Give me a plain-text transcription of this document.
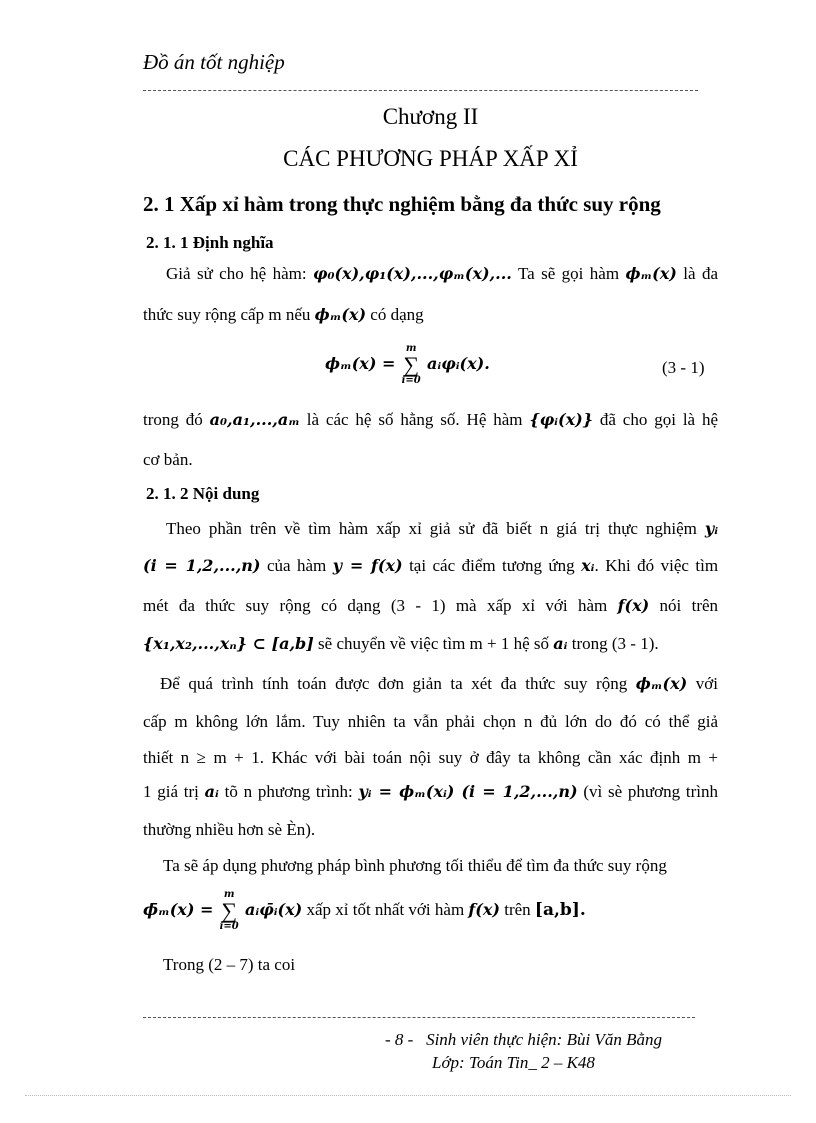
Đồ án tốt nghiệp
Chương II
CÁC PHƯƠNG PHÁP XẤP XỈ
2. 1 Xấp xỉ hàm trong thực nghiệm bằng đa thức suy rộng
2. 1. 1 Định nghĩa
Giả sử cho hệ hàm: φ₀(x),φ₁(x),...,φₘ(x),... Ta sẽ gọi hàm ϕₘ(x) là đa
thức suy rộng cấp m nếu ϕₘ(x) có dạng
ϕₘ(x) =
m
∑
i=0
aᵢφᵢ(x).	(3 - 1)
trong đó a₀,a₁,...,aₘ là các hệ số hằng số. Hệ hàm {φᵢ(x)} đã cho gọi là hệ
cơ bản.
2. 1. 2 Nội dung
Theo phần trên về tìm hàm xấp xỉ giả sử đã biết n giá trị thực nghiệm yᵢ
(i = 1,2,...,n) của hàm y = f(x) tại các điểm tương ứng xᵢ. Khi đó việc tìm
mét đa thức suy rộng có dạng (3 - 1) mà xấp xỉ với hàm f(x) nói trên
{x₁,x₂,...,xₙ} ⊂ [a,b] sẽ chuyển về việc tìm m + 1 hệ số aᵢ trong (3 - 1).
Để quá trình tính toán được đơn giản ta xét đa thức suy rộng ϕₘ(x) với
cấp m không lớn lắm. Tuy nhiên ta vẫn phải chọn n đủ lớn do đó có thể giả
thiết n ≥ m + 1. Khác với bài toán nội suy ở đây ta không cần xác định m +
1 giá trị aᵢ tõ n phương trình: yᵢ = ϕₘ(xᵢ) (i = 1,2,...,n) (vì sè phương trình
thường nhiều hơn sè Èn).
Ta sẽ áp dụng phương pháp bình phương tối thiểu để tìm đa thức suy rộng
ϕ̄ₘ(x) =
m
∑
i=0
aᵢφ̄ᵢ(x) xấp xỉ tốt nhất với hàm f(x) trên [a,b].
Trong (2 – 7) ta coi
- 8 - Sinh viên thực hiện: Bùi Văn Bằng
Lớp: Toán Tin_ 2 – K48
